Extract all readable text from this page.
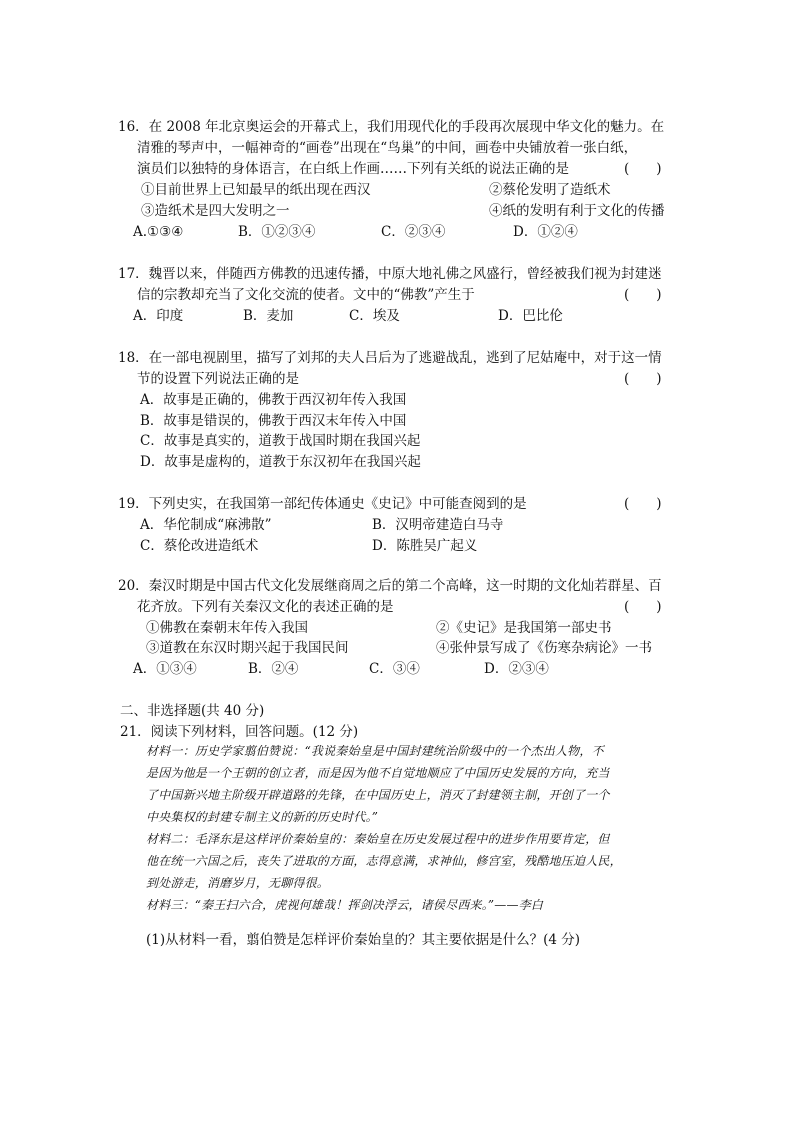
16．在 2008 年北京奥运会的开幕式上，我们用现代化的手段再次展现中华文化的魅力。在
清雅的琴声中，一幅神奇的“画卷”出现在“鸟巢”的中间，画卷中央铺放着一张白纸，
演员们以独特的身体语言，在白纸上作画……下列有关纸的说法正确的是	(　　)
①目前世界上已知最早的纸出现在西汉	②蔡伦发明了造纸术
③造纸术是四大发明之一	④纸的发明有利于文化的传播
A.①③④	B．①②③④	C．②③④	D．①②④
17．魏晋以来，伴随西方佛教的迅速传播，中原大地礼佛之风盛行，曾经被我们视为封建迷
信的宗教却充当了文化交流的使者。文中的“佛教”产生于	(　　)
A．印度	B．麦加	C．埃及	D．巴比伦
18．在一部电视剧里，描写了刘邦的夫人吕后为了逃避战乱，逃到了尼姑庵中，对于这一情
节的设置下列说法正确的是	(　　)
A．故事是正确的，佛教于西汉初年传入我国
B．故事是错误的，佛教于西汉末年传入中国
C．故事是真实的，道教于战国时期在我国兴起
D．故事是虚构的，道教于东汉初年在我国兴起
19．下列史实，在我国第一部纪传体通史《史记》中可能查阅到的是	(　　)
A．华佗制成“麻沸散”	B．汉明帝建造白马寺
C．蔡伦改进造纸术	D．陈胜吴广起义
20．秦汉时期是中国古代文化发展继商周之后的第二个高峰，这一时期的文化灿若群星、百
花齐放。下列有关秦汉文化的表述正确的是	(　　)
①佛教在秦朝末年传入我国	②《史记》是我国第一部史书
③道教在东汉时期兴起于我国民间	④张仲景写成了《伤寒杂病论》一书
A．①③④	B．②④	C．③④	D．②③④
二、非选择题(共 40 分)
21．阅读下列材料，回答问题。(12 分)
材料一：历史学家翦伯赞说：“我说秦始皇是中国封建统治阶级中的一个杰出人物，不
是因为他是一个王朝的创立者，而是因为他不自觉地顺应了中国历史发展的方向，充当
了中国新兴地主阶级开辟道路的先锋，在中国历史上，消灭了封建领主制，开创了一个
中央集权的封建专制主义的新的历史时代。”
材料二：毛泽东是这样评价秦始皇的：秦始皇在历史发展过程中的进步作用要肯定，但
他在统一六国之后，丧失了进取的方面，志得意满，求神仙，修宫室，残酷地压迫人民，
到处游走，消磨岁月，无聊得很。
材料三：“秦王扫六合，虎视何雄哉！挥剑决浮云，诸侯尽西来。”——李白
(1)从材料一看，翦伯赞是怎样评价秦始皇的？其主要依据是什么？(4 分)
